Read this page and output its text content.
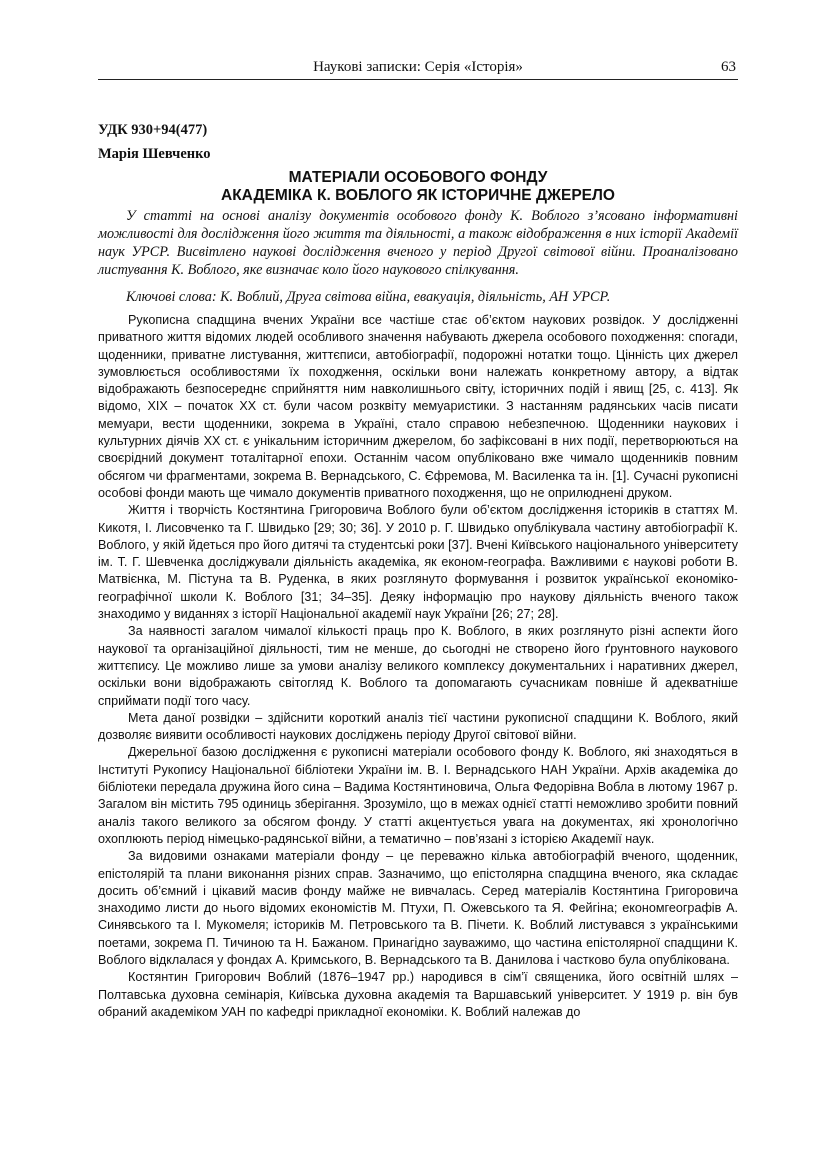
Наукові записки: Серія «Історія»	63
УДК 930+94(477)
Марія Шевченко
МАТЕРІАЛИ ОСОБОВОГО ФОНДУ
АКАДЕМІКА К. ВОБЛОГО ЯК ІСТОРИЧНЕ ДЖЕРЕЛО

У статті на основі аналізу документів особового фонду К. Воблого з’ясовано інформативні можливості для дослідження його життя та діяльності, а також відображення в них історії Академії наук УРСР. Висвітлено наукові дослідження вченого у період Другої світової війни. Проаналізовано листування К. Воблого, яке визначає коло його наукового спілкування.

Ключові слова: К. Воблий, Друга світова війна, евакуація, діяльність, АН УРСР.

Рукописна спадщина вчених України все частіше стає об’єктом наукових розвідок. У дослідженні приватного життя відомих людей особливого значення набувають джерела особового походження: спогади, щоденники, приватне листування, життєписи, автобіографії, подорожні нотатки тощо. Цінність цих джерел зумовлюється особливостями їх походження, оскільки вони належать конкретному автору, а відтак відображають безпосереднє сприйняття ним навколишнього світу, історичних подій і явищ [25, с. 413]. Як відомо, ХІХ – початок ХХ ст. були часом розквіту мемуаристики. З настанням радянських часів писати мемуари, вести щоденники, зокрема в Україні, стало справою небезпечною. Щоденники наукових і культурних діячів ХХ ст. є унікальним історичним джерелом, бо зафіксовані в них події, перетворюються на своєрідний документ тоталітарної епохи. Останнім часом опубліковано вже чимало щоденників повним обсягом чи фрагментами, зокрема В. Вернадського, С. Єфремова, М. Василенка та ін. [1]. Сучасні рукописні особові фонди мають ще чимало документів приватного походження, що не оприлюднені друком.

Життя і творчість Костянтина Григоровича Воблого були об’єктом дослідження істориків в статтях М. Кикотя, І. Лисовченко та Г. Швидько [29; 30; 36]. У 2010 р. Г. Швидько опублікувала частину автобіографії К. Воблого, у якій йдеться про його дитячі та студентські роки [37]. Вчені Київського національного університету ім. Т. Г. Шевченка досліджували діяльність академіка, як економ-географа. Важливими є наукові роботи В. Матвієнка, М. Пістуна та В. Руденка, в яких розглянуто формування і розвиток української економіко-географічної школи К. Воблого [31; 34–35]. Деяку інформацію про наукову діяльність вченого також знаходимо у виданнях з історії Національної академії наук України [26; 27; 28].

За наявності загалом чималої кількості праць про К. Воблого, в яких розглянуто різні аспекти його наукової та організаційної діяльності, тим не менше, до сьогодні не створено його ґрунтовного наукового життєпису. Це можливо лише за умови аналізу великого комплексу документальних і наративних джерел, оскільки вони відображають світогляд К. Воблого та допомагають сучасникам повніше й адекватніше сприймати події того часу.

Мета даної розвідки – здійснити короткий аналіз тієї частини рукописної спадщини К. Воблого, який дозволяє виявити особливості наукових досліджень періоду Другої світової війни.

Джерельної базою дослідження є рукописні матеріали особового фонду К. Воблого, які знаходяться в Інституті Рукопису Національної бібліотеки України ім. В. І. Вернадського НАН України. Архів академіка до бібліотеки передала дружина його сина – Вадима Костянтиновича, Ольга Федорівна Вобла в лютому 1967 р. Загалом він містить 795 одиниць зберігання. Зрозуміло, що в межах однієї статті неможливо зробити повний аналіз такого великого за обсягом фонду. У статті акцентується увага на документах, які хронологічно охоплюють період німецько-радянської війни, а тематично – пов’язані з історією Академії наук.

За видовими ознаками матеріали фонду – це переважно кілька автобіографій вченого, щоденник, епістолярій та плани виконання різних справ. Зазначимо, що епістолярна спадщина вченого, яка складає досить об’ємний і цікавий масив фонду майже не вивчалась. Серед матеріалів Костянтина Григоровича знаходимо листи до нього відомих економістів М. Птухи, П. Ожевського та Я. Фейгіна; економгеографів А. Синявського та І. Мукомеля; істориків М. Петровського та В. Пічети. К. Воблий листувався з українськими поетами, зокрема П. Тичиною та Н. Бажаном. Принагідно зауважимо, що частина епістолярної спадщини К. Воблого відклалася у фондах А. Кримського, В. Вернадського та В. Данилова і частково була опублікована.

Костянтин Григорович Воблий (1876–1947 рр.) народився в сім’ї священика, його освітній шлях – Полтавська духовна семінарія, Київська духовна академія та Варшавський університет. У 1919 р. він був обраний академіком УАН по кафедрі прикладної економіки. К. Воблий належав до
